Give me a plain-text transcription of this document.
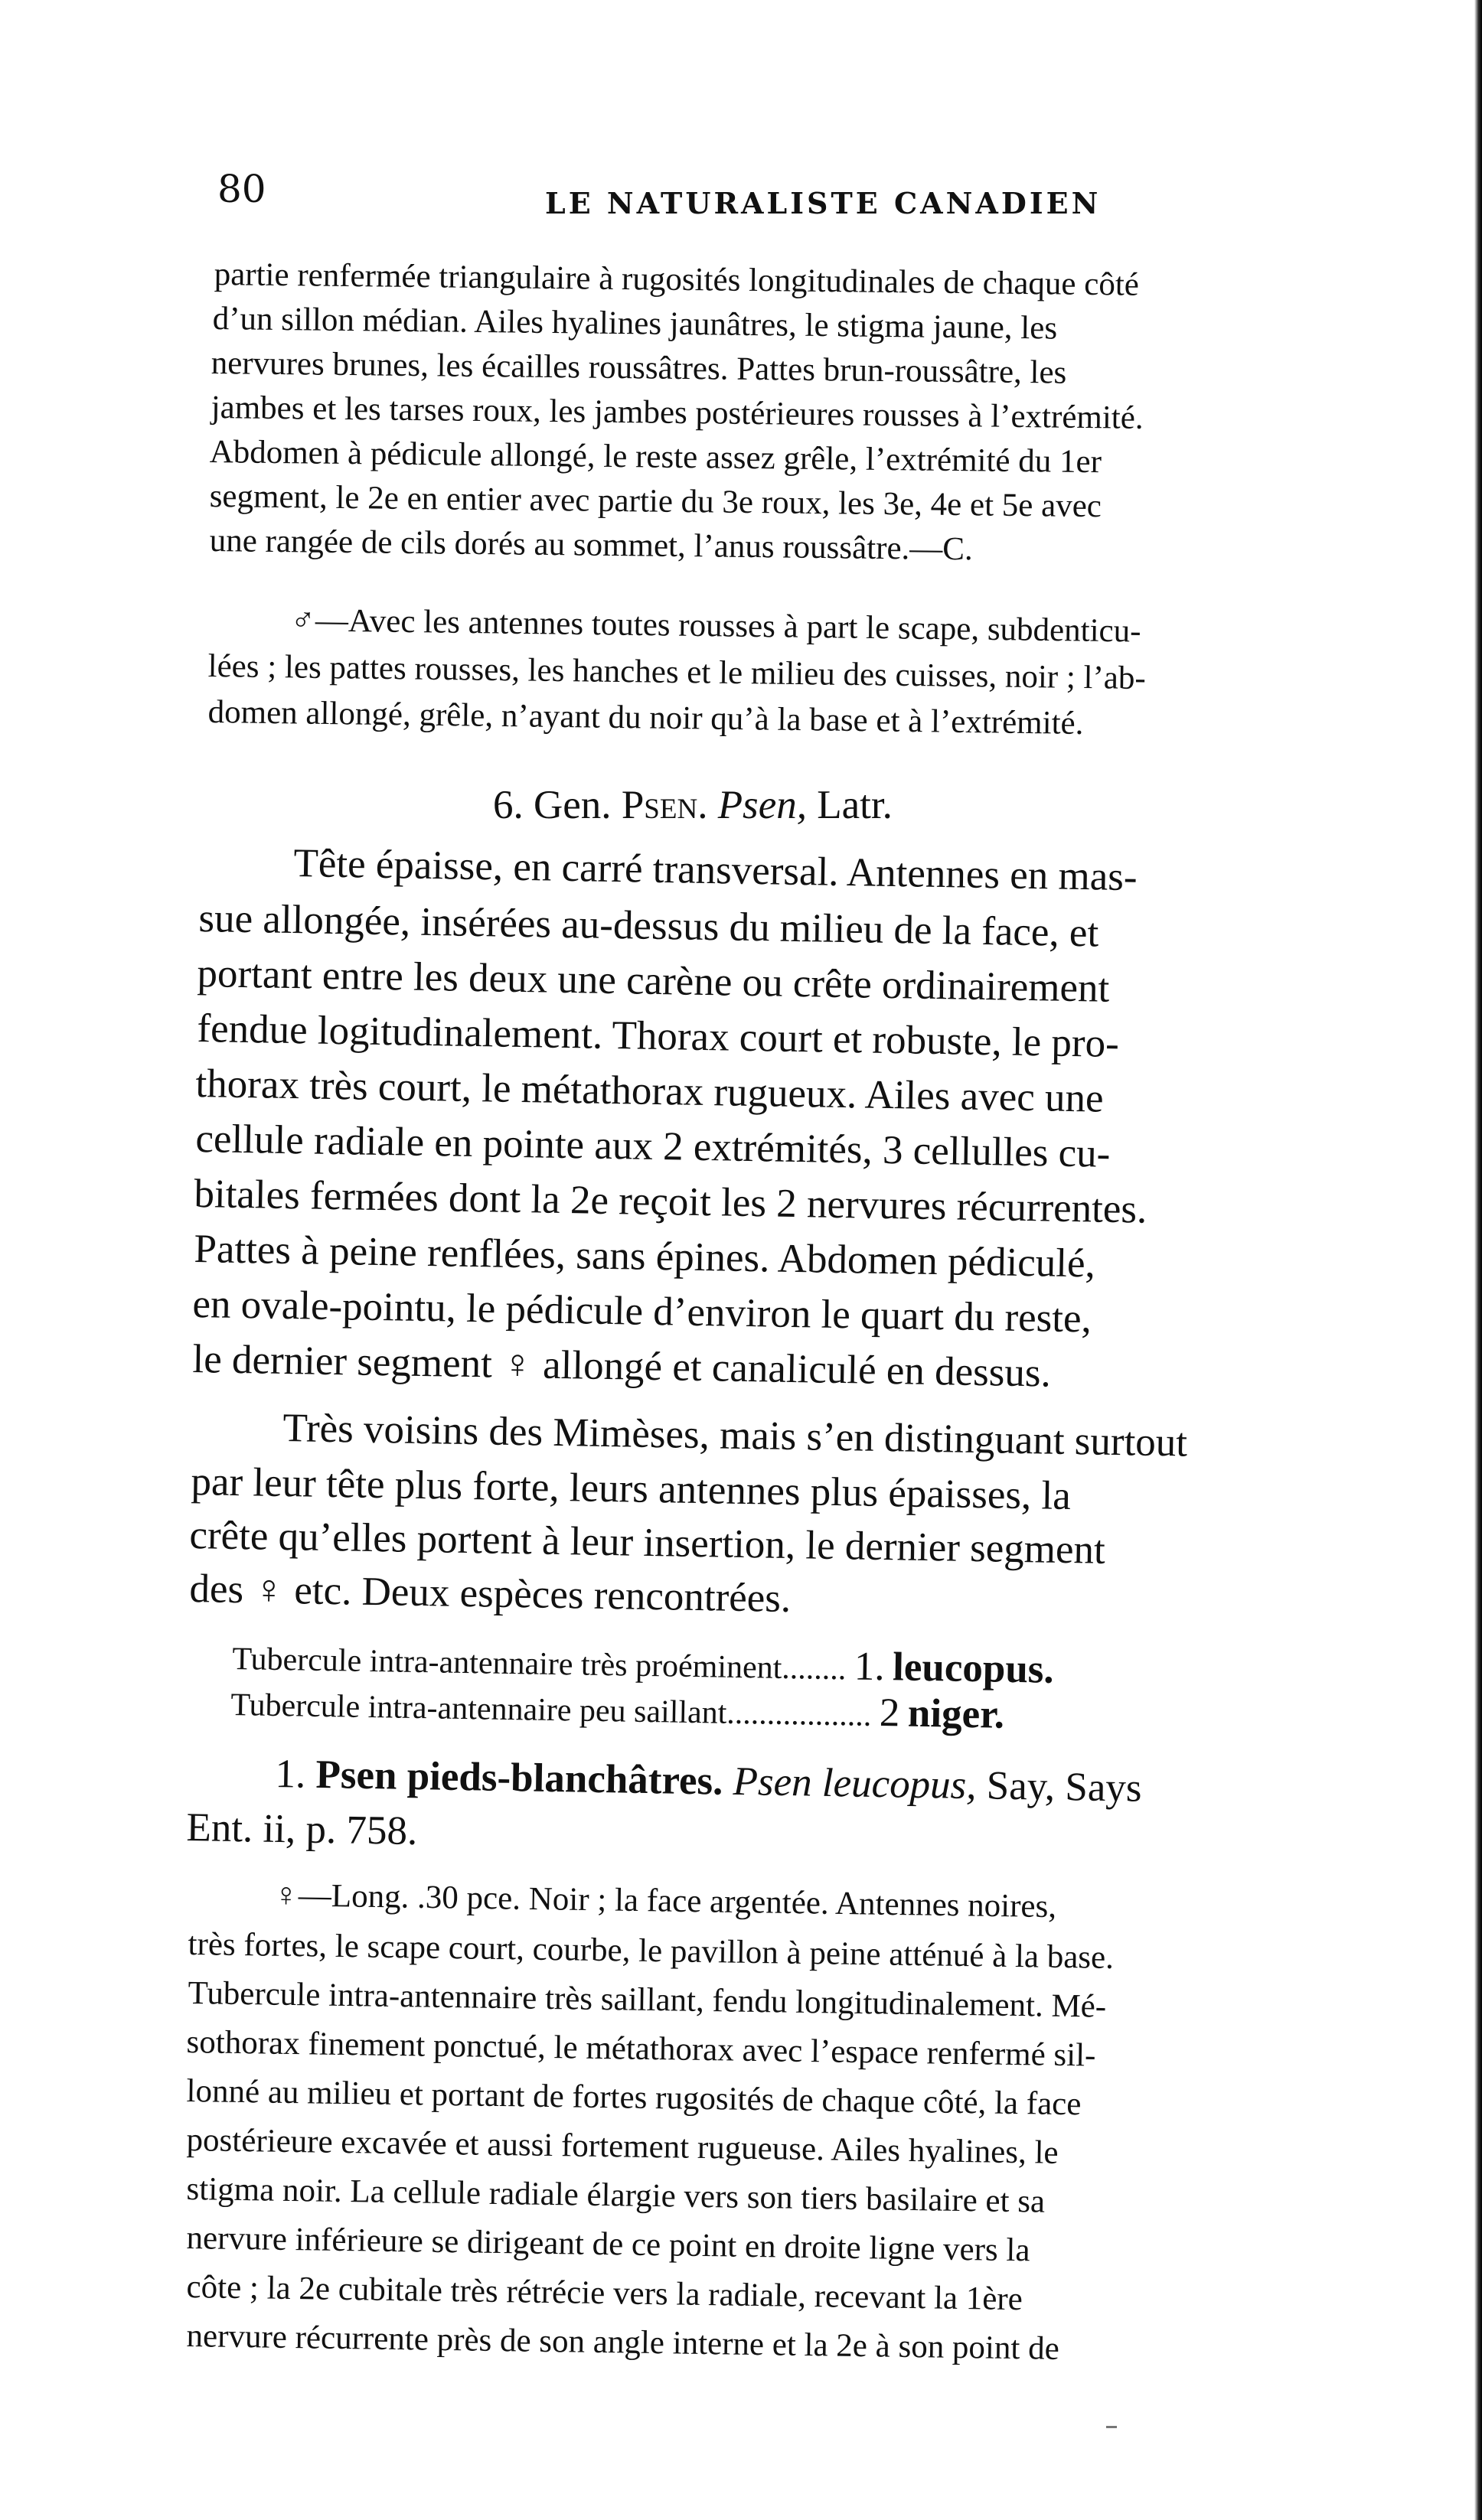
80	LE NATURALISTE CANADIEN
partie renfermée triangulaire à rugosités longitudinales de chaque côté
d’un sillon médian. Ailes hyalines jaunâtres, le stigma jaune, les
nervures brunes, les écailles roussâtres. Pattes brun-roussâtre, les
jambes et les tarses roux, les jambes postérieures rousses à l’extrémité.
Abdomen à pédicule allongé, le reste assez grêle, l’extrémité du 1er
segment, le 2e en entier avec partie du 3e roux, les 3e, 4e et 5e avec
une rangée de cils dorés au sommet, l’anus roussâtre.—C.
♂—Avec les antennes toutes rousses à part le scape, subdenticu-
lées ; les pattes rousses, les hanches et le milieu des cuisses, noir ; l’ab-
domen allongé, grêle, n’ayant du noir qu’à la base et à l’extrémité.
6. Gen. Psen. Psen, Latr.
Tête épaisse, en carré transversal. Antennes en mas-
sue allongée, insérées au-dessus du milieu de la face, et
portant entre les deux une carène ou crête ordinairement
fendue logitudinalement. Thorax court et robuste, le pro-
thorax très court, le métathorax rugueux. Ailes avec une
cellule radiale en pointe aux 2 extrémités, 3 cellulles cu-
bitales fermées dont la 2e reçoit les 2 nervures récurrentes.
Pattes à peine renflées, sans épines. Abdomen pédiculé,
en ovale-pointu, le pédicule d’environ le quart du reste,
le dernier segment ♀ allongé et canaliculé en dessus.
Très voisins des Mimèses, mais s’en distinguant surtout
par leur tête plus forte, leurs antennes plus épaisses, la
crête qu’elles portent à leur insertion, le dernier segment
des ♀ etc. Deux espèces rencontrées.
Tubercule intra-antennaire très proéminent........ 1. leucopus.
Tubercule intra-antennaire peu saillant.................. 2 niger.
1. Psen pieds-blanchâtres. Psen leucopus, Say, Says
Ent. ii, p. 758.
♀—Long. .30 pce. Noir ; la face argentée. Antennes noires,
très fortes, le scape court, courbe, le pavillon à peine atténué à la base.
Tubercule intra-antennaire très saillant, fendu longitudinalement. Mé-
sothorax finement ponctué, le métathorax avec l’espace renfermé sil-
lonné au milieu et portant de fortes rugosités de chaque côté, la face
postérieure excavée et aussi fortement rugueuse. Ailes hyalines, le
stigma noir. La cellule radiale élargie vers son tiers basilaire et sa
nervure inférieure se dirigeant de ce point en droite ligne vers la
côte ; la 2e cubitale très rétrécie vers la radiale, recevant la 1ère
nervure récurrente près de son angle interne et la 2e à son point de
